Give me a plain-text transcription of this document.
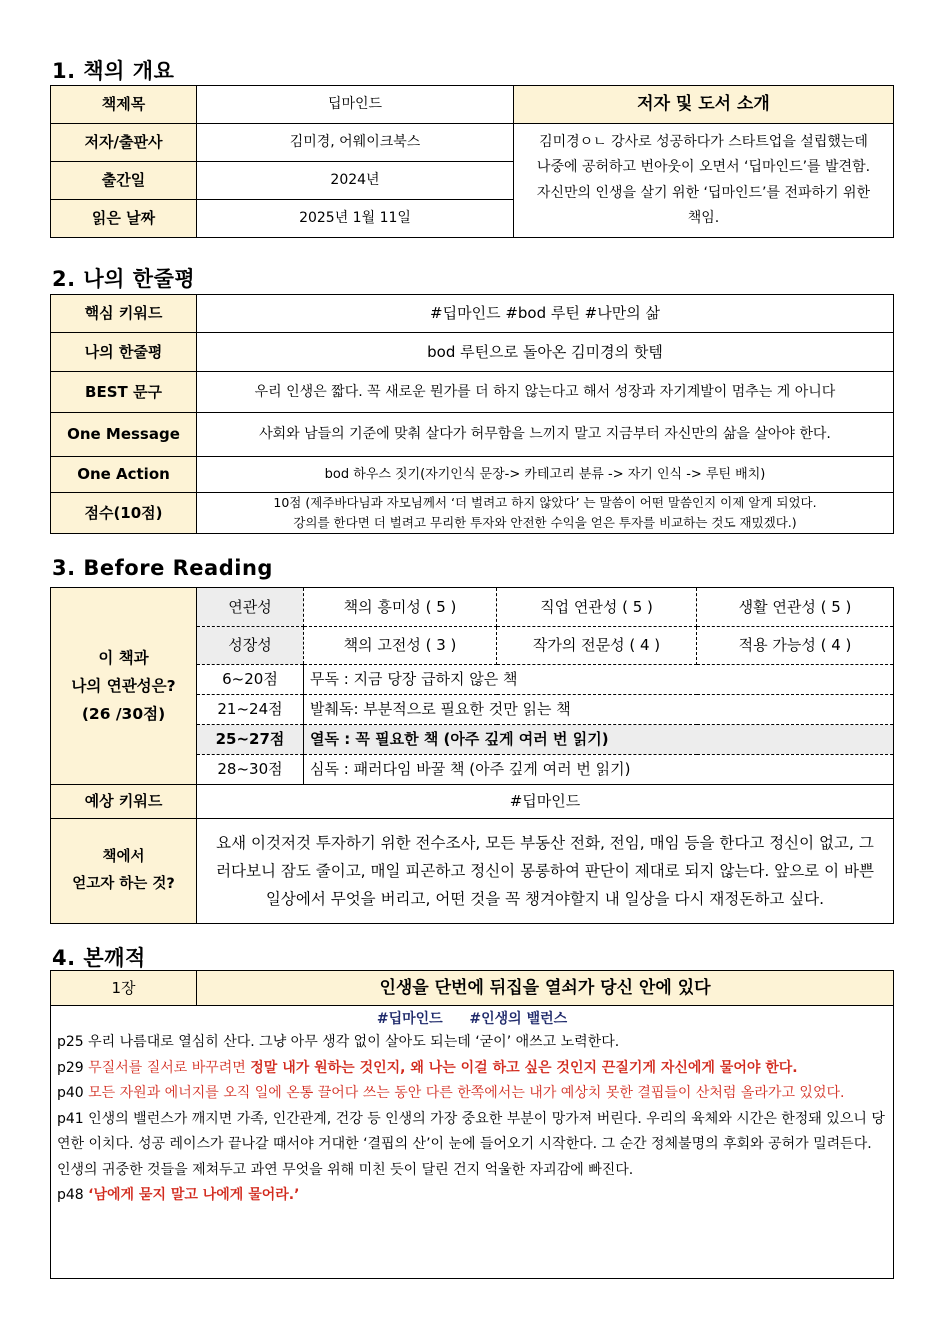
1. 책의 개요
책제목	딥마인드	저자 및 도서 소개
저자/출판사	김미경, 어웨이크북스	김미경ㅇㄴ 강사로 성공하다가 스타트업을 설립했는데 나중에 공허하고 번아웃이 오면서 ‘딥마인드’를 발견함. 자신만의 인생을 살기 위한 ‘딥마인드’를 전파하기 위한 책임.
출간일	2024년	
읽은 날짜	2025년 1월 11일	
2. 나의 한줄평
핵심 키워드	#딥마인드 #bod 루틴 #나만의 삶
나의 한줄평	bod 루틴으로 돌아온 김미경의 핫템
BEST 문구	우리 인생은 짧다. 꼭 새로운 뭔가를 더 하지 않는다고 해서 성장과 자기계발이 멈추는 게 아니다
One Message	사회와 남들의 기준에 맞춰 살다가 허무함을 느끼지 말고 지금부터 자신만의 삶을 살아야 한다.
One Action	bod 하우스 짓기(자기인식 문장-> 카테고리 분류 -> 자기 인식 -> 루틴 배치)
점수(10점)	10점 (제주바다님과 자모님께서 ‘더 벌려고 하지 않았다’ 는 말씀이 어떤 말씀인지 이제 알게 되었다.
강의를 한다면 더 벌려고 무리한 투자와 안전한 수익을 얻은 투자를 비교하는 것도 재밌겠다.)
3. Before Reading
이 책과
나의 연관성은?
(26 /30점)	연관성	책의 흥미성 ( 5 )	직업 연관성 ( 5 )	생활 연관성 ( 5 )
	성장성	책의 고전성 ( 3 )	작가의 전문성 ( 4 )	적용 가능성 ( 4 )
	6~20점	무독 : 지금 당장 급하지 않은 책		
	21~24점	발췌독: 부분적으로 필요한 것만 읽는 책		
	25~27점	열독 : 꼭 필요한 책 (아주 깊게 여러 번 읽기)		
	28~30점	심독 : 패러다임 바꿀 책 (아주 깊게 여러 번 읽기)		
예상 키워드	#딥마인드			

책에서
얻고자 하는 것?	요새 이것저것 투자하기 위한 전수조사, 모든 부동산 전화, 전임, 매임 등을 한다고 정신이 없고, 그러다보니 잠도 줄이고, 매일 피곤하고 정신이 몽롱하여 판단이 제대로 되지 않는다. 앞으로 이 바쁜 일상에서 무엇을 버리고, 어떤 것을 꼭 챙겨야할지 내 일상을 다시 재정돈하고 싶다.			
4. 본깨적
1장	인생을 단번에 뒤집을 열쇠가 당신 안에 있다

#딥마인드 #인생의 밸런스

p25 우리 나름대로 열심히 산다. 그냥 아무 생각 없이 살아도 되는데 ‘굳이’ 애쓰고 노력한다.

p29 무질서를 질서로 바꾸려면 정말 내가 원하는 것인지, 왜 나는 이걸 하고 싶은 것인지 끈질기게 자신에게 물어야 한다.

p40 모든 자원과 에너지를 오직 일에 온통 끌어다 쓰는 동안 다른 한쪽에서는 내가 예상치 못한 결핍들이 산처럼 올라가고 있었다.

p41 인생의 밸런스가 깨지면 가족, 인간관계, 건강 등 인생의 가장 중요한 부분이 망가져 버린다. 우리의 육체와 시간은 한정돼 있으니 당연한 이치다. 성공 레이스가 끝나갈 때서야 거대한 ‘결핍의 산’이 눈에 들어오기 시작한다. 그 순간 정체불명의 후회와 공허가 밀려든다. 인생의 귀중한 것들을 제쳐두고 과연 무엇을 위해 미친 듯이 달린 건지 억울한 자괴감에 빠진다.

p48 ‘남에게 묻지 말고 나에게 물어라.’
